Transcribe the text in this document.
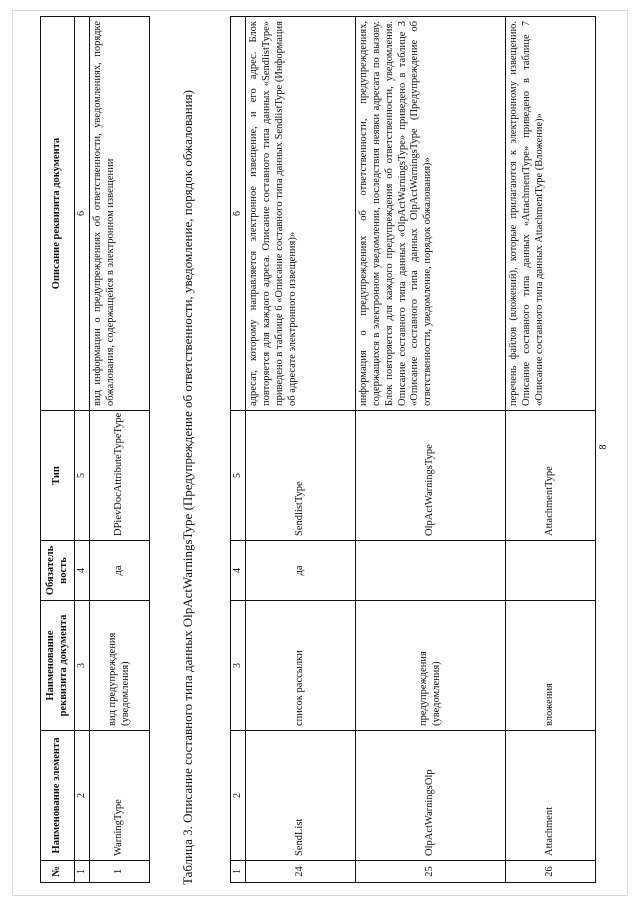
8
1	2	3	4	5	6
24	SendList	список рассылки	да	SendlistType	адресат, которому направляется электронное извещение, и его адрес. Блок повторяется для каждого адреса. Описание составного типа данных «SendlistType» приведено в таблице 6 «Описание составного типа данных SendlistType (Информация об адресате электронного извещения)»
25	OlpActWarningsOlp	предупреждения (уведомления)		OlpActWarningsType	информация о предупреждениях об ответственности, предупреждениях, содержащихся в электронном уведомлении, последствия неявки адресата по вызову. Блок повторяется для каждого предупреждения об ответственности, уведомления. Описание составного типа данных «OlpActWarningsType» приведено в таблице 3 «Описание составного типа данных OlpActWarningsType (Предупреждение об ответственности, уведомление, порядок обжалования)»
26	Attachment	вложения		AttachmentType	перечень файлов (вложений), которые прилагаются к электронному извещению. Описание составного типа данных «AttachmentType» приведено в таблице 7 «Описание составного типа данных AttachmentType (Вложение)»
Таблица 3. Описание составного типа данных OlpActWarningsType (Предупреждение об ответственности, уведомление, порядок обжалования)
№	Наименование элемента	Наименование реквизита документа	Обязатель ность	Тип	Описание реквизита документа
1	2	3	4	5	6
1	WarningType	вид предупреждения (уведомления)	да	DPievDocAttributeTypeType	вид информации о предупреждениях об ответственности, уведомлениях, порядке обжалования, содержащейся в электронном извещении
